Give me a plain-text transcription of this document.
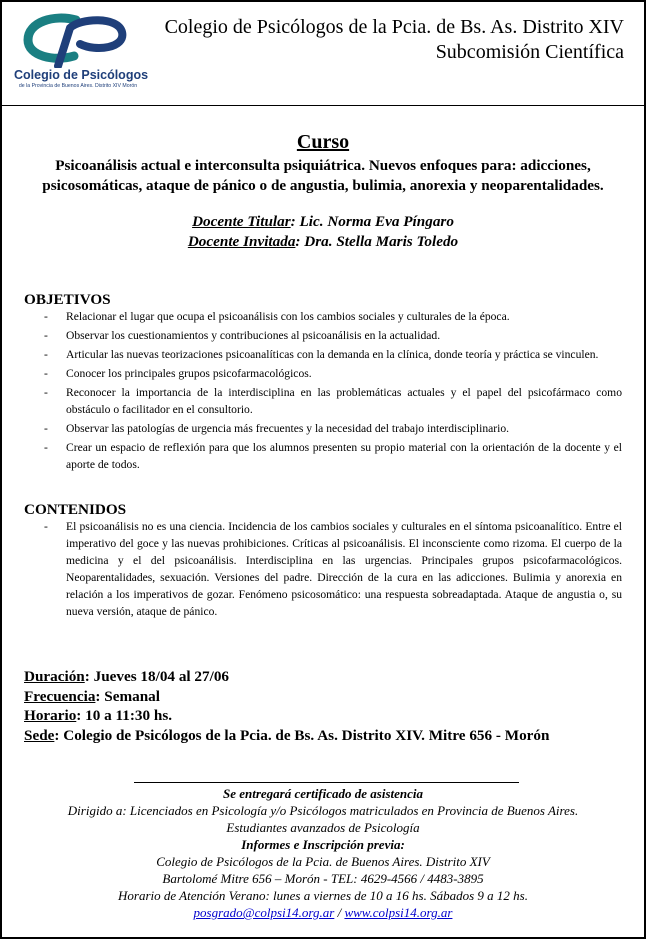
Colegio de Psicólogos
de la Provincia de Buenos Aires. Distrito XIV Morón
Colegio de Psicólogos de la Pcia. de Bs. As. Distrito XIV
Subcomisión Científica
Curso
Psicoanálisis actual e interconsulta psiquiátrica. Nuevos enfoques para: adicciones, psicosomáticas, ataque de pánico o de angustia, bulimia, anorexia y neoparentalidades.
Docente Titular: Lic. Norma Eva Píngaro
Docente Invitada: Dra. Stella Maris Toledo
OBJETIVOS
- Relacionar el lugar que ocupa el psicoanálisis con los cambios sociales y culturales de la época.
- Observar los cuestionamientos y contribuciones al psicoanálisis en la actualidad.
- Articular las nuevas teorizaciones psicoanalíticas con la demanda en la clínica, donde teoría y práctica se vinculen.
- Conocer los principales grupos psicofarmacológicos.
- Reconocer la importancia de la interdisciplina en las problemáticas actuales y el papel del psicofármaco como obstáculo o facilitador en el consultorio.
- Observar las patologías de urgencia más frecuentes y la necesidad del trabajo interdisciplinario.
- Crear un espacio de reflexión para que los alumnos presenten su propio material con la orientación de la docente y el aporte de todos.
CONTENIDOS
- El psicoanálisis no es una ciencia. Incidencia de los cambios sociales y culturales en el síntoma psicoanalítico. Entre el imperativo del goce y las nuevas prohibiciones. Críticas al psicoanálisis. El inconsciente como rizoma. El cuerpo de la medicina y el del psicoanálisis. Interdisciplina en las urgencias. Principales grupos psicofarmacológicos. Neoparentalidades, sexuación. Versiones del padre. Dirección de la cura en las adicciones. Bulimia y anorexia en relación a los imperativos de gozar. Fenómeno psicosomático: una respuesta sobreadaptada. Ataque de angustia o, su nueva versión, ataque de pánico.
Duración: Jueves 18/04 al 27/06
Frecuencia: Semanal
Horario: 10 a 11:30 hs.
Sede: Colegio de Psicólogos de la Pcia. de Bs. As. Distrito XIV. Mitre 656 - Morón
Se entregará certificado de asistencia
Dirigido a: Licenciados en Psicología y/o Psicólogos matriculados en Provincia de Buenos Aires.
Estudiantes avanzados de Psicología
Informes e Inscripción previa:
Colegio de Psicólogos de la Pcia. de Buenos Aires. Distrito XIV
Bartolomé Mitre 656 – Morón - TEL: 4629-4566 / 4483-3895
Horario de Atención Verano: lunes a viernes de 10 a 16 hs. Sábados 9 a 12 hs.
posgrado@colpsi14.org.ar / www.colpsi14.org.ar
